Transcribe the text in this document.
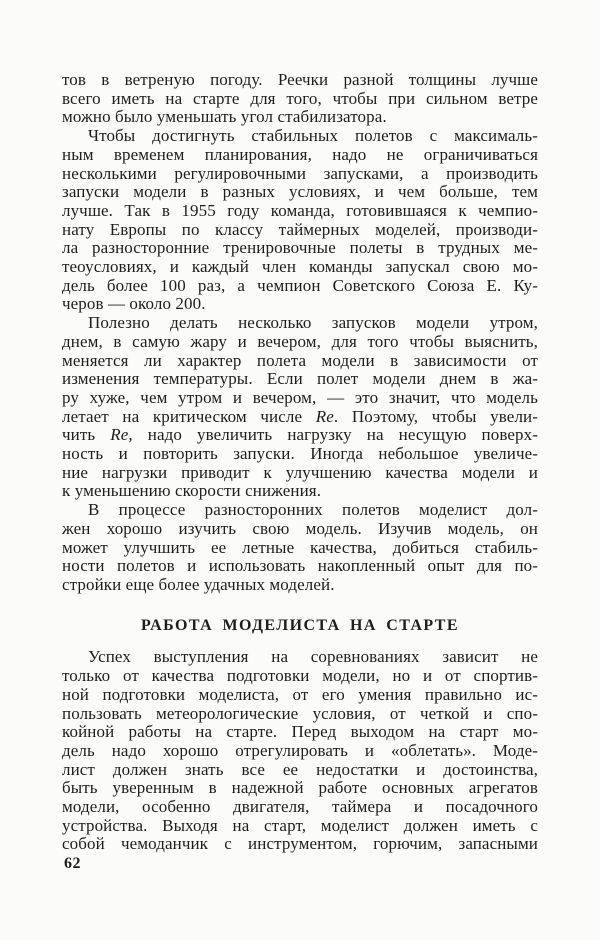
тов в ветреную погоду. Реечки разной толщины лучше
всего иметь на старте для того, чтобы при сильном ветре
можно было уменьшать угол стабилизатора.
Чтобы достигнуть стабильных полетов с максималь-
ным временем планирования, надо не ограничиваться
несколькими регулировочными запусками, а производить
запуски модели в разных условиях, и чем больше, тем
лучше. Так в 1955 году команда, готовившаяся к чемпио-
нату Европы по классу таймерных моделей, производи-
ла разносторонние тренировочные полеты в трудных ме-
теоусловиях, и каждый член команды запускал свою мо-
дель более 100 раз, а чемпион Советского Союза Е. Ку-
черов — около 200.
Полезно делать несколько запусков модели утром,
днем, в самую жару и вечером, для того чтобы выяснить,
меняется ли характер полета модели в зависимости от
изменения температуры. Если полет модели днем в жа-
ру хуже, чем утром и вечером, — это значит, что модель
летает на критическом числе Re. Поэтому, чтобы увели-
чить Re, надо увеличить нагрузку на несущую поверх-
ность и повторить запуски. Иногда небольшое увеличе-
ние нагрузки приводит к улучшению качества модели и
к уменьшению скорости снижения.
В процессе разносторонних полетов моделист дол-
жен хорошо изучить свою модель. Изучив модель, он
может улучшить ее летные качества, добиться стабиль-
ности полетов и использовать накопленный опыт для по-
стройки еще более удачных моделей.
РАБОТА МОДЕЛИСТА НА СТАРТЕ
Успех выступления на соревнованиях зависит не
только от качества подготовки модели, но и от спортив-
ной подготовки моделиста, от его умения правильно ис-
пользовать метеорологические условия, от четкой и спо-
койной работы на старте. Перед выходом на старт мо-
дель надо хорошо отрегулировать и «облетать». Моде-
лист должен знать все ее недостатки и достоинства,
быть уверенным в надежной работе основных агрегатов
модели, особенно двигателя, таймера и посадочного
устройства. Выходя на старт, моделист должен иметь с
собой чемоданчик с инструментом, горючим, запасными
62
